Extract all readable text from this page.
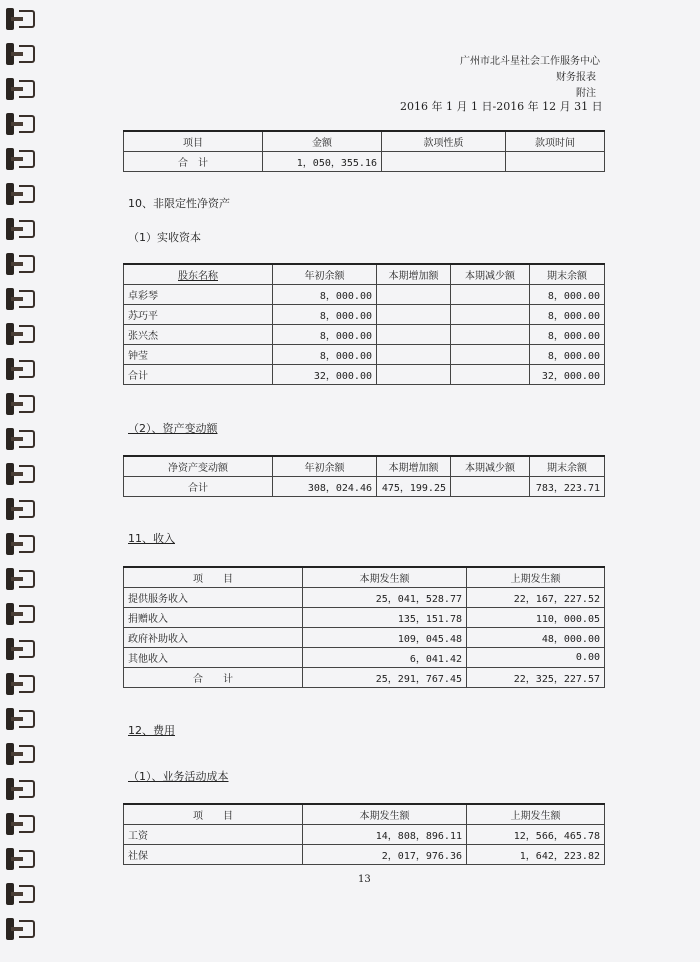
广州市北斗星社会工作服务中心
财务报表
附注
2016 年 1 月 1 日-2016 年 12 月 31 日
项目	金额	款项性质	款项时间
合　计	1，050，355.16		
10、非限定性净资产
（1）实收资本
股东名称	年初余额	本期增加额	本期减少额	期末余额
卓彩琴	8，000.00			8，000.00
苏巧平	8，000.00			8，000.00
张兴杰	8，000.00			8，000.00
钟莹	8，000.00			8，000.00
合计	32，000.00			32，000.00
（2）、资产变动额
净资产变动额	年初余额	本期增加额	本期减少额	期末余额
合计	308，024.46	475，199.25		783，223.71
11、收入
项　　目	本期发生额	上期发生额
提供服务收入	25，041，528.77	22，167，227.52
捐赠收入	135，151.78	110，000.05
政府补助收入	109，045.48	48，000.00
其他收入	6，041.42	0.00
合　　计	25，291，767.45	22，325，227.57
12、费用
（1）、业务活动成本
项　　目	本期发生额	上期发生额
工资	14，808，896.11	12，566，465.78
社保	2，017，976.36	1，642，223.82
13
